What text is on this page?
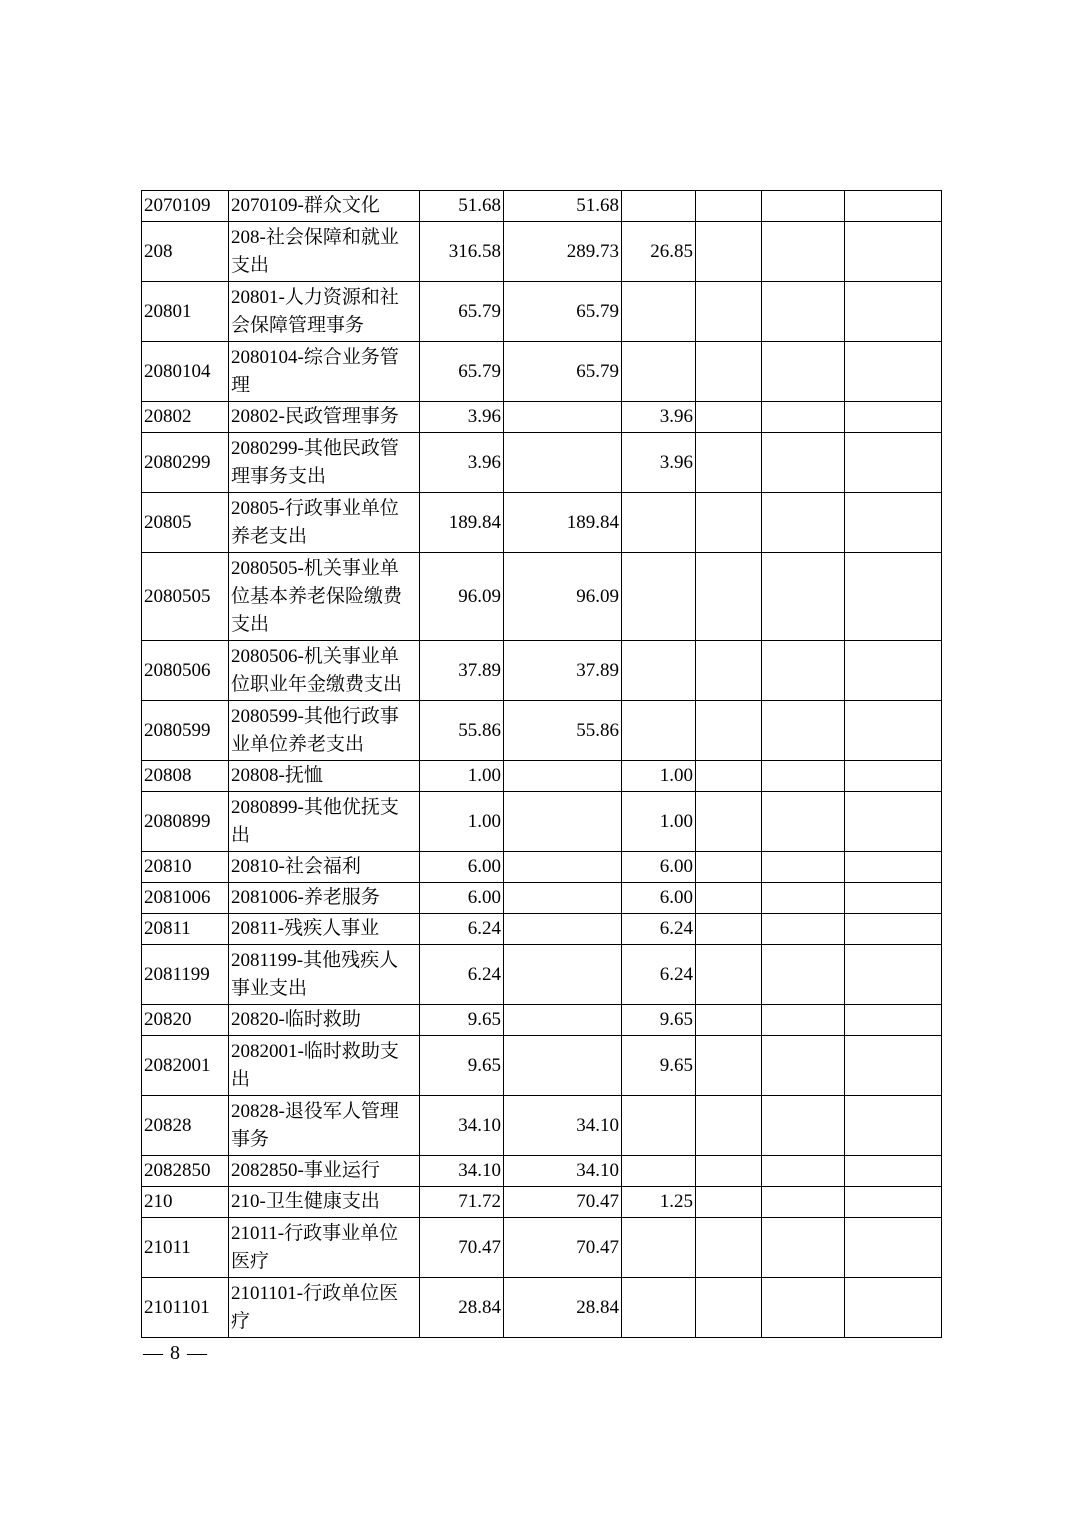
2070109	2070109-群众文化	51.68	51.68				
208	208-社会保障和就业支出	316.58	289.73	26.85			
20801	20801-人力资源和社会保障管理事务	65.79	65.79				
2080104	2080104-综合业务管理	65.79	65.79				
20802	20802-民政管理事务	3.96		3.96			
2080299	2080299-其他民政管理事务支出	3.96		3.96			
20805	20805-行政事业单位养老支出	189.84	189.84				
2080505	2080505-机关事业单位基本养老保险缴费支出	96.09	96.09				
2080506	2080506-机关事业单位职业年金缴费支出	37.89	37.89				
2080599	2080599-其他行政事业单位养老支出	55.86	55.86				
20808	20808-抚恤	1.00		1.00			
2080899	2080899-其他优抚支出	1.00		1.00			
20810	20810-社会福利	6.00		6.00			
2081006	2081006-养老服务	6.00		6.00			
20811	20811-残疾人事业	6.24		6.24			
2081199	2081199-其他残疾人事业支出	6.24		6.24			
20820	20820-临时救助	9.65		9.65			
2082001	2082001-临时救助支出	9.65		9.65			
20828	20828-退役军人管理事务	34.10	34.10				
2082850	2082850-事业运行	34.10	34.10				
210	210-卫生健康支出	71.72	70.47	1.25			
21011	21011-行政事业单位医疗	70.47	70.47				
2101101	2101101-行政单位医疗	28.84	28.84				
— 8 —
